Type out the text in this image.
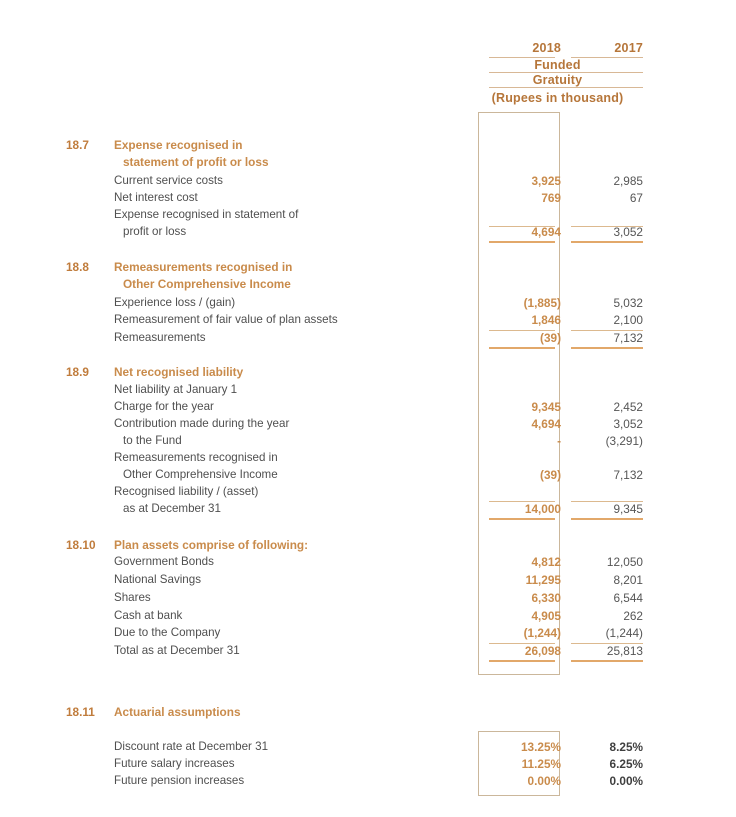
2018	2017
Funded
Gratuity
(Rupees in thousand)
18.7	Expense recognised in
statement of profit or loss
Current service costs	3,925	2,985
Net interest cost	769	67
Expense recognised in statement of
profit or loss	4,694	3,052
18.8	Remeasurements recognised in
Other Comprehensive Income
Experience loss / (gain)	(1,885)	5,032
Remeasurement of fair value of plan assets	1,846	2,100
Remeasurements	(39)	7,132
18.9	Net recognised liability
Net liability at January 1
Charge for the year	9,345	2,452
Contribution made during the year	4,694	3,052
to the Fund	-	(3,291)
Remeasurements recognised in
Other Comprehensive Income	(39)	7,132
Recognised liability / (asset)
as at December 31	14,000	9,345
18.10	Plan assets comprise of following:
Government Bonds	4,812	12,050
National Savings	11,295	8,201
Shares	6,330	6,544
Cash at bank	4,905	262
Due to the Company	(1,244)	(1,244)
Total as at December 31	26,098	25,813
18.11	Actuarial assumptions
Discount rate at December 31	13.25%	8.25%
Future salary increases	11.25%	6.25%
Future pension increases	0.00%	0.00%
